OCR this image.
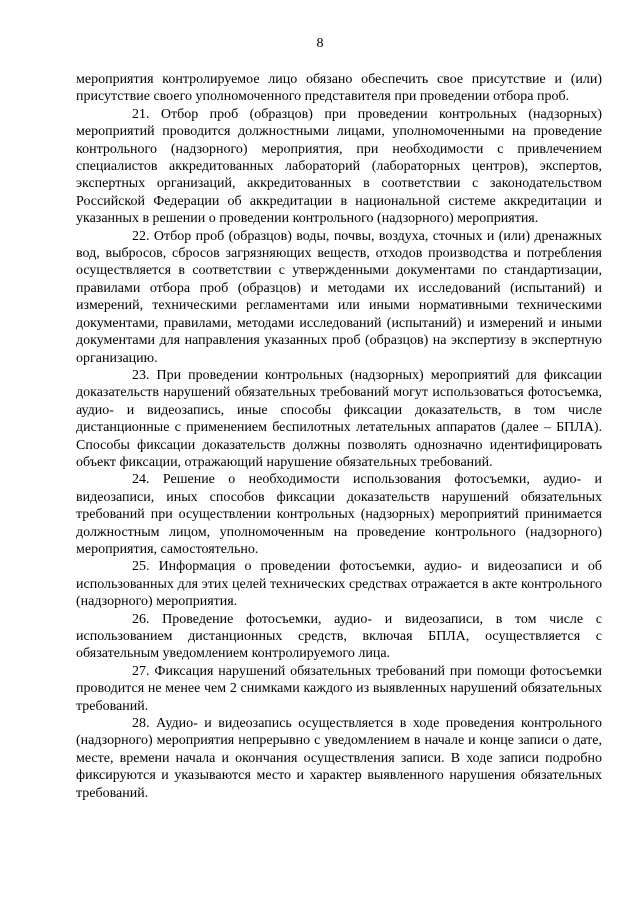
8

мероприятия контролируемое лицо обязано обеспечить свое присутствие и (или) присутствие своего уполномоченного представителя при проведении отбора проб.

21. Отбор проб (образцов) при проведении контрольных (надзорных) мероприятий проводится должностными лицами, уполномоченными на проведение контрольного (надзорного) мероприятия, при необходимости с привлечением специалистов аккредитованных лабораторий (лабораторных центров), экспертов, экспертных организаций, аккредитованных в соответствии с законодательством Российской Федерации об аккредитации в национальной системе аккредитации и указанных в решении о проведении контрольного (надзорного) мероприятия.

22. Отбор проб (образцов) воды, почвы, воздуха, сточных и (или) дренажных вод, выбросов, сбросов загрязняющих веществ, отходов производства и потребления осуществляется в соответствии с утвержденными документами по стандартизации, правилами отбора проб (образцов) и методами их исследований (испытаний) и измерений, техническими регламентами или иными нормативными техническими документами, правилами, методами исследований (испытаний) и измерений и иными документами для направления указанных проб (образцов) на экспертизу в экспертную организацию.

23. При проведении контрольных (надзорных) мероприятий для фиксации доказательств нарушений обязательных требований могут использоваться фотосъемка, аудио- и видеозапись, иные способы фиксации доказательств, в том числе дистанционные с применением беспилотных летательных аппаратов (далее – БПЛА). Способы фиксации доказательств должны позволять однозначно идентифицировать объект фиксации, отражающий нарушение обязательных требований.

24. Решение о необходимости использования фотосъемки, аудио- и видеозаписи, иных способов фиксации доказательств нарушений обязательных требований при осуществлении контрольных (надзорных) мероприятий принимается должностным лицом, уполномоченным на проведение контрольного (надзорного) мероприятия, самостоятельно.

25. Информация о проведении фотосъемки, аудио- и видеозаписи и об использованных для этих целей технических средствах отражается в акте контрольного (надзорного) мероприятия.

26. Проведение фотосъемки, аудио- и видеозаписи, в том числе с использованием дистанционных средств, включая БПЛА, осуществляется с обязательным уведомлением контролируемого лица.

27. Фиксация нарушений обязательных требований при помощи фотосъемки проводится не менее чем 2 снимками каждого из выявленных нарушений обязательных требований.

28. Аудио- и видеозапись осуществляется в ходе проведения контрольного (надзорного) мероприятия непрерывно с уведомлением в начале и конце записи о дате, месте, времени начала и окончания осуществления записи. В ходе записи подробно фиксируются и указываются место и характер выявленного нарушения обязательных требований.
